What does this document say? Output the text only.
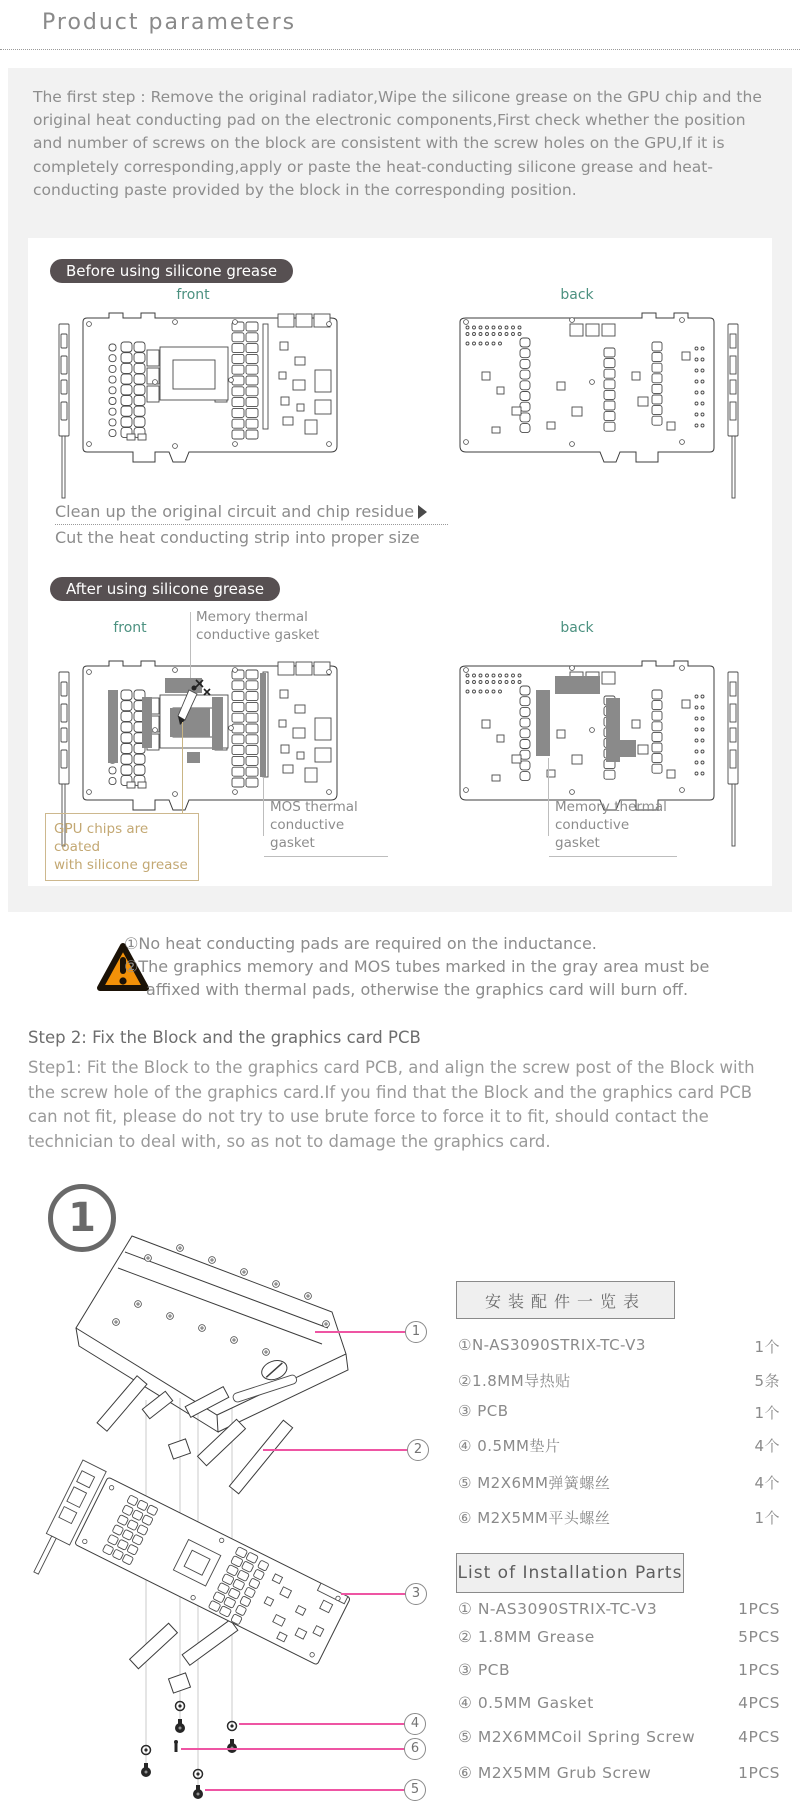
Product parameters
The first step : Remove the original radiator,Wipe the silicone grease on the GPU chip and the original heat conducting pad on the electronic components,First check whether the position and number of screws on the block are consistent with the screw holes on the GPU,If it is completely corresponding,apply or paste the heat-conducting silicone grease and heat-conducting paste provided by the block in the corresponding position.
Before using silicone grease
front	back
Clean up the original circuit and chip residue
Cut the heat conducting strip into proper size
After using silicone grease
front	back
Memory thermal
conductive gasket
MOS thermal
conductive gasket
Memory thermal
conductive gasket
GPU chips are coated
with silicone grease
①No heat conducting pads are required on the inductance.
②The graphics memory and MOS tubes marked in the gray area must be
affixed with thermal pads, otherwise the graphics card will burn off.
Step 2: Fix the Block and the graphics card PCB
Step1: Fit the Block to the graphics card PCB, and align the screw post of the Block with the screw hole of the graphics card.If you find that the Block and the graphics card PCB can not fit, please do not try to use brute force to force it to fit, should contact the technician to deal with, so as not to damage the graphics card.
1
1
2
3
4
6
5
安装配件一览表
①N-AS3090STRIX-TC-V3	1个
②1.8MM导热贴	5条
③ PCB	1个
④ 0.5MM垫片	4个
⑤ M2X6MM弹簧螺丝	4个
⑥ M2X5MM平头螺丝	1个
List of Installation Parts
① N-AS3090STRIX-TC-V3	1PCS
② 1.8MM Grease	5PCS
③ PCB	1PCS
④ 0.5MM Gasket	4PCS
⑤ M2X6MMCoil Spring Screw	4PCS
⑥ M2X5MM Grub Screw	1PCS
